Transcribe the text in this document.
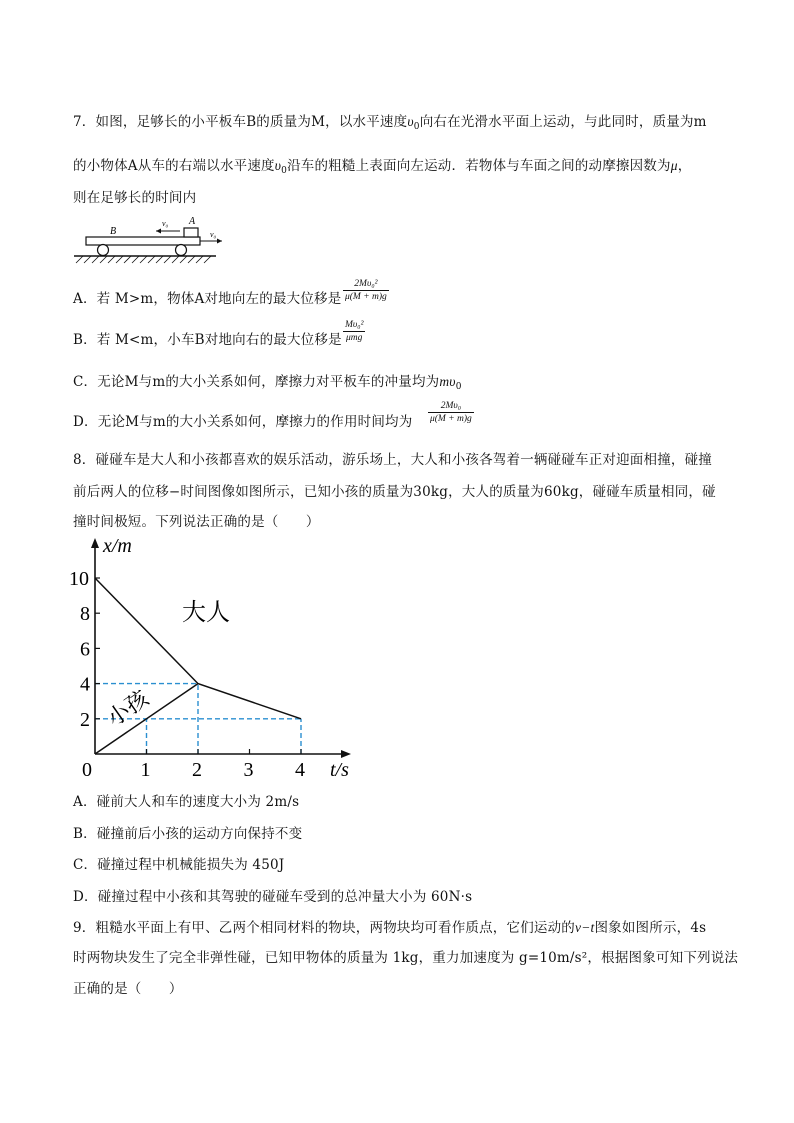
7．如图，足够长的小平板车B的质量为M，以水平速度$\upsilon_0$向右在光滑水平面上运动，与此同时，质量为m
的小物体A从车的右端以水平速度$\upsilon_0$沿车的粗糙上表面向左运动．若物体与车面之间的动摩擦因数为μ，
则在足够长的时间内
B
A
v₀
v₀
A．若 M>m，物体A对地向左的最大位移是
2Mυ₀²
μ(M + m)g
B．若 M<m，小车B对地向右的最大位移是
Mυ₀²
μmg
C．无论M与m的大小关系如何，摩擦力对平板车的冲量均为$m\upsilon_0$
D．无论M与m的大小关系如何，摩擦力的作用时间均为
2Mυ₀
μ(M + m)g
8．碰碰车是大人和小孩都喜欢的娱乐活动，游乐场上，大人和小孩各驾着一辆碰碰车正对迎面相撞，碰撞
前后两人的位移−时间图像如图所示，已知小孩的质量为30kg，大人的质量为60kg，碰碰车质量相同，碰
撞时间极短。下列说法正确的是（　　）
t/s
x/m
0 1 2 3 4
2
4
6
8
10
大人
小孩
A．碰前大人和车的速度大小为 2m/s
B．碰撞前后小孩的运动方向保持不变
C．碰撞过程中机械能损失为 450J
D．碰撞过程中小孩和其驾驶的碰碰车受到的总冲量大小为 60N·s
9．粗糙水平面上有甲、乙两个相同材料的物块，两物块均可看作质点，它们运动的v−t图象如图所示，4s
时两物块发生了完全非弹性碰，已知甲物体的质量为 1kg，重力加速度为 g=10m/s²，根据图象可知下列说法
正确的是（　　）
